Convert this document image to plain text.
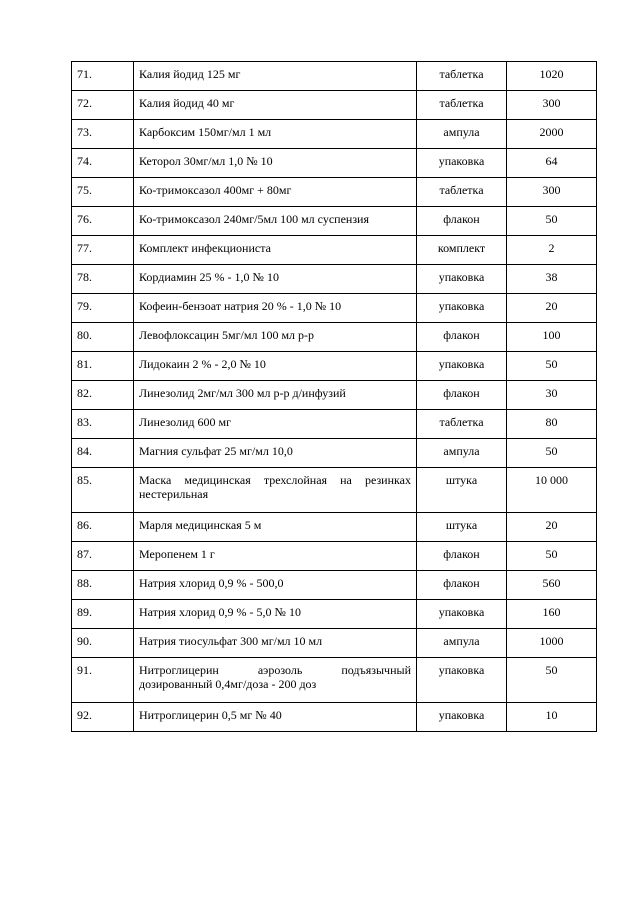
71.	Калия йодид 125 мг	таблетка	1020
72.	Калия йодид 40 мг	таблетка	300
73.	Карбоксим 150мг/мл 1 мл	ампула	2000
74.	Кеторол 30мг/мл 1,0 № 10	упаковка	64
75.	Ко-тримоксазол 400мг + 80мг	таблетка	300
76.	Ко-тримоксазол 240мг/5мл 100 мл суспензия	флакон	50
77.	Комплект инфекциониста	комплект	2
78.	Кордиамин 25 % - 1,0 № 10	упаковка	38
79.	Кофеин-бензоат натрия 20 % - 1,0 № 10	упаковка	20
80.	Левофлоксацин 5мг/мл 100 мл р-р	флакон	100
81.	Лидокаин 2 % - 2,0 № 10	упаковка	50
82.	Линезолид 2мг/мл 300 мл р-р д/инфузий	флакон	30
83.	Линезолид 600 мг	таблетка	80
84.	Магния сульфат 25 мг/мл 10,0	ампула	50
85.	Маска медицинская трехслойная на резинках нестерильная	штука	10 000
86.	Марля медицинская 5 м	штука	20
87.	Меропенем 1 г	флакон	50
88.	Натрия хлорид 0,9 % - 500,0	флакон	560
89.	Натрия хлорид 0,9 % - 5,0 № 10	упаковка	160
90.	Натрия тиосульфат 300 мг/мл 10 мл	ампула	1000
91.	Нитроглицерин аэрозоль подъязычный дозированный 0,4мг/доза - 200 доз	упаковка	50
92.	Нитроглицерин 0,5 мг № 40	упаковка	10
